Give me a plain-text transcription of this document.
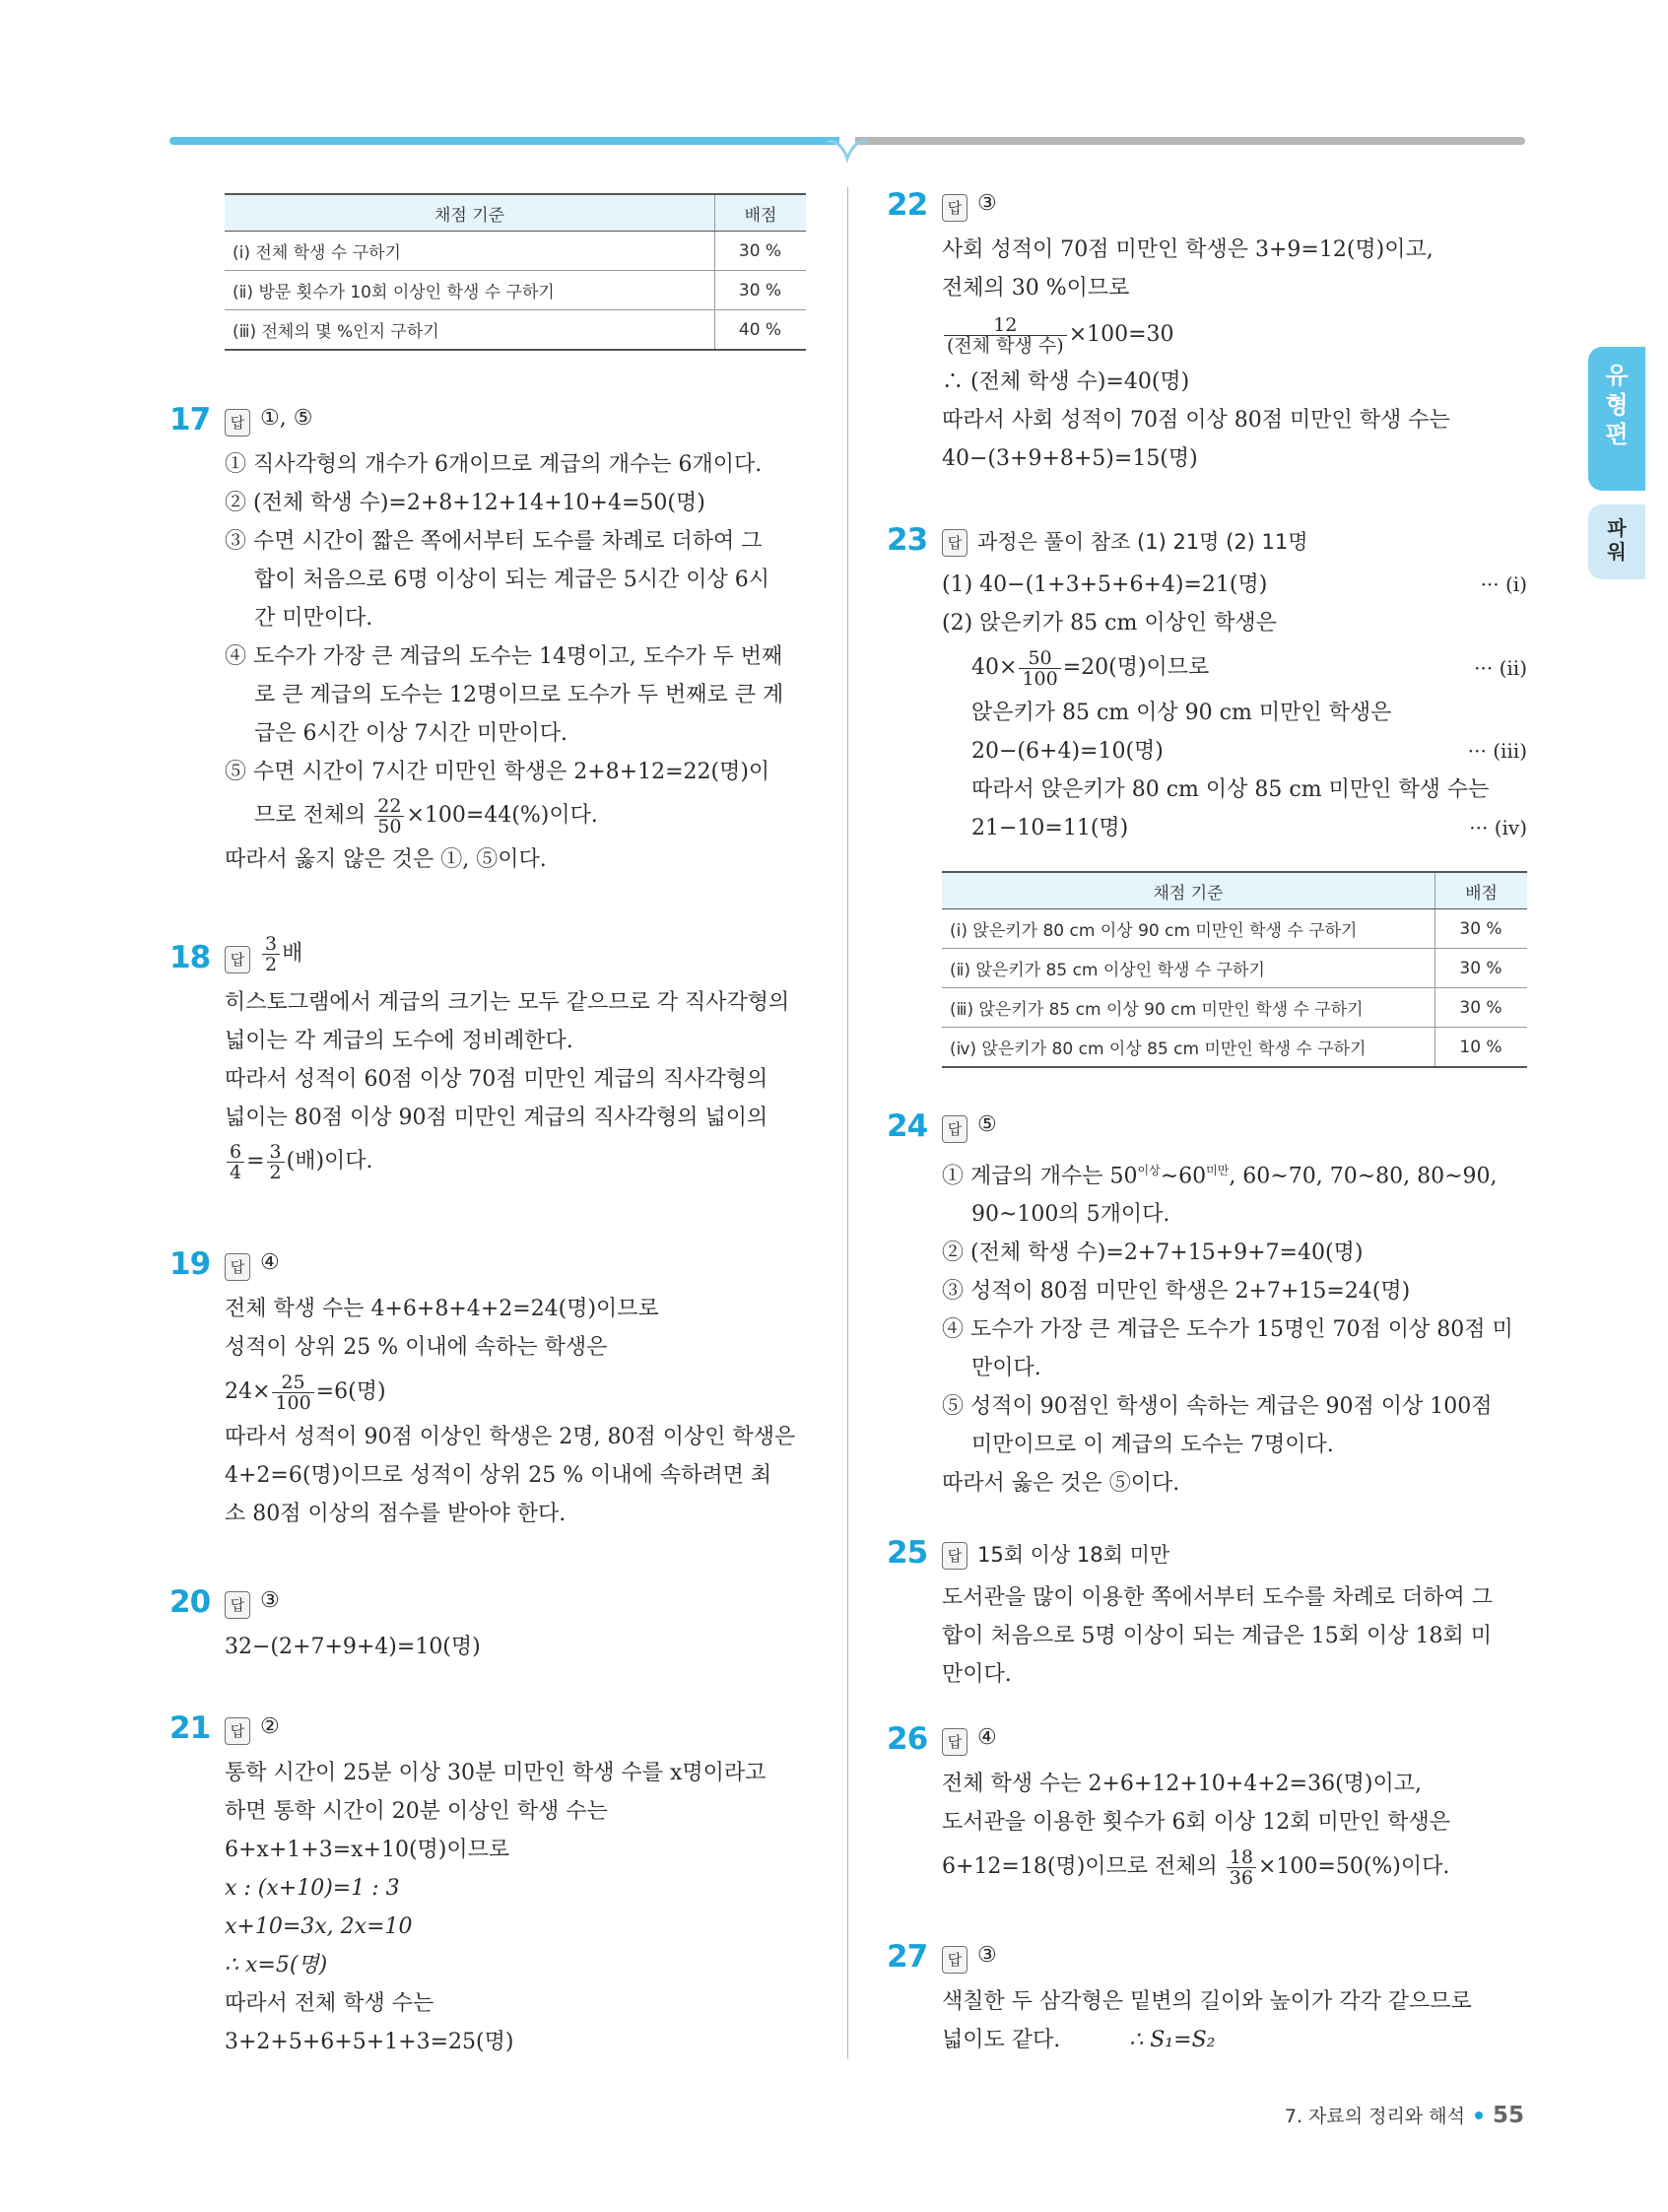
유형편
파워
채점 기준	배점
(ⅰ) 전체 학생 수 구하기	30 %
(ⅱ) 방문 횟수가 10회 이상인 학생 수 구하기	30 %
(ⅲ) 전체의 몇 %인지 구하기	40 %
17	답 ①, ⑤
① 직사각형의 개수가 6개이므로 계급의 개수는 6개이다.
② (전체 학생 수)=2+8+12+14+10+4=50(명)
③ 수면 시간이 짧은 쪽에서부터 도수를 차례로 더하여 그
합이 처음으로 6명 이상이 되는 계급은 5시간 이상 6시
간 미만이다.
④ 도수가 가장 큰 계급의 도수는 14명이고, 도수가 두 번째
로 큰 계급의 도수는 12명이므로 도수가 두 번째로 큰 계
급은 6시간 이상 7시간 미만이다.
⑤ 수면 시간이 7시간 미만인 학생은 2+8+12=22(명)이
므로 전체의 $\frac{22}{50} \times 100=44(\%)$이다.
따라서 옳지 않은 것은 ①, ⑤이다.
18	답 $\frac{3}{2}$ 배
히스토그램에서 계급의 크기는 모두 같으므로 각 직사각형의
넓이는 각 계급의 도수에 정비례한다.
따라서 성적이 60점 이상 70점 미만인 계급의 직사각형의
넓이는 80점 이상 90점 미만인 계급의 직사각형의 넓이의
$\frac{6}{4} = \frac{3}{2}$ (배)이다.
19	답 ④
전체 학생 수는 4+6+8+4+2=24(명)이므로
성적이 상위 25 % 이내에 속하는 학생은
$24\times \frac{25}{100} =6$(명)
따라서 성적이 90점 이상인 학생은 2명, 80점 이상인 학생은
4+2=6(명)이므로 성적이 상위 25 % 이내에 속하려면 최
소 80점 이상의 점수를 받아야 한다.
20	답 ③
32−(2+7+9+4)=10(명)
21	답 ②
통학 시간이 25분 이상 30분 미만인 학생 수를 x명이라고
하면 통학 시간이 20분 이상인 학생 수는
6+x+1+3=x+10(명)이므로
x : (x+10)=1 : 3
x+10=3x, 2x=10
∴ x=5(명)
따라서 전체 학생 수는
3+2+5+6+5+1+3=25(명)
22	답 ③
사회 성적이 70점 미만인 학생은 3+9=12(명)이고,
전체의 30 %이므로
$\frac{12}{\text{(전체 학생 수)}} \times 100=30$
∴ (전체 학생 수)=40(명)
따라서 사회 성적이 70점 이상 80점 미만인 학생 수는
40−(3+9+8+5)=15(명)
23	답 과정은 풀이 참조 (1) 21명 (2) 11명
(1) 40−(1+3+5+6+4)=21(명)	··· (ⅰ)
(2) 앉은키가 85 cm 이상인 학생은
$40\times \frac{50}{100} =20$(명)이므로	··· (ⅱ)
앉은키가 85 cm 이상 90 cm 미만인 학생은
20−(6+4)=10(명)	··· (ⅲ)
따라서 앉은키가 80 cm 이상 85 cm 미만인 학생 수는
21−10=11(명)	··· (ⅳ)
채점 기준	배점
(ⅰ) 앉은키가 80 cm 이상 90 cm 미만인 학생 수 구하기	30 %
(ⅱ) 앉은키가 85 cm 이상인 학생 수 구하기	30 %
(ⅲ) 앉은키가 85 cm 이상 90 cm 미만인 학생 수 구하기	30 %
(ⅳ) 앉은키가 80 cm 이상 85 cm 미만인 학생 수 구하기	10 %
24	답 ⑤
① 계급의 개수는 $50^{이상}\sim 60^{미만}$, 60~70, 70~80, 80~90,
90~100의 5개이다.
② (전체 학생 수)=2+7+15+9+7=40(명)
③ 성적이 80점 미만인 학생은 2+7+15=24(명)
④ 도수가 가장 큰 계급은 도수가 15명인 70점 이상 80점 미
만이다.
⑤ 성적이 90점인 학생이 속하는 계급은 90점 이상 100점
미만이므로 이 계급의 도수는 7명이다.
따라서 옳은 것은 ⑤이다.
25	답 15회 이상 18회 미만
도서관을 많이 이용한 쪽에서부터 도수를 차례로 더하여 그
합이 처음으로 5명 이상이 되는 계급은 15회 이상 18회 미
만이다.
26	답 ④
전체 학생 수는 2+6+12+10+4+2=36(명)이고,
도서관을 이용한 횟수가 6회 이상 12회 미만인 학생은
6+12=18(명)이므로 전체의 $\frac{18}{36} \times 100=50(\%)$이다.
27	답 ③
색칠한 두 삼각형은 밑변의 길이와 높이가 각각 같으므로
넓이도 같다.	∴ S₁=S₂
7. 자료의 정리와 해석 55
